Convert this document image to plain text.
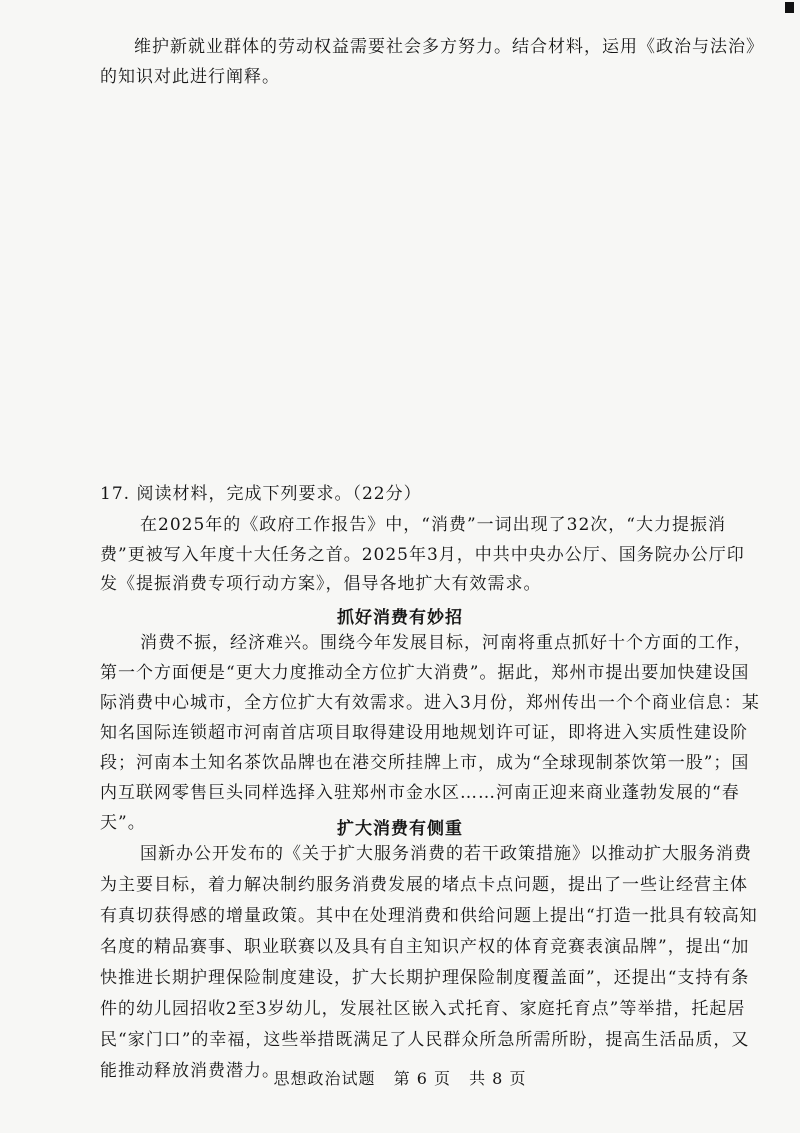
维护新就业群体的劳动权益需要社会多方努力。结合材料，运用《政治与法治》的知识对此进行阐释。
17. 阅读材料，完成下列要求。（22分）
在2025年的《政府工作报告》中，“消费”一词出现了32次，“大力提振消费”更被写入年度十大任务之首。2025年3月，中共中央办公厅、国务院办公厅印发《提振消费专项行动方案》，倡导各地扩大有效需求。
抓好消费有妙招
消费不振，经济难兴。围绕今年发展目标，河南将重点抓好十个方面的工作，第一个方面便是“更大力度推动全方位扩大消费”。据此，郑州市提出要加快建设国际消费中心城市，全方位扩大有效需求。进入3月份，郑州传出一个个商业信息：某知名国际连锁超市河南首店项目取得建设用地规划许可证，即将进入实质性建设阶段；河南本土知名茶饮品牌也在港交所挂牌上市，成为“全球现制茶饮第一股”；国内互联网零售巨头同样选择入驻郑州市金水区……河南正迎来商业蓬勃发展的“春天”。	扩大消费有侧重
国新办公开发布的《关于扩大服务消费的若干政策措施》以推动扩大服务消费为主要目标，着力解决制约服务消费发展的堵点卡点问题，提出了一些让经营主体有真切获得感的增量政策。其中在处理消费和供给问题上提出“打造一批具有较高知名度的精品赛事、职业联赛以及具有自主知识产权的体育竞赛表演品牌”，提出“加快推进长期护理保险制度建设，扩大长期护理保险制度覆盖面”，还提出“支持有条件的幼儿园招收2至3岁幼儿，发展社区嵌入式托育、家庭托育点”等举措，托起居民“家门口”的幸福，这些举措既满足了人民群众所急所需所盼，提高生活品质，又能推动释放消费潜力。
思想政治试题 第 6 页 共 8 页
